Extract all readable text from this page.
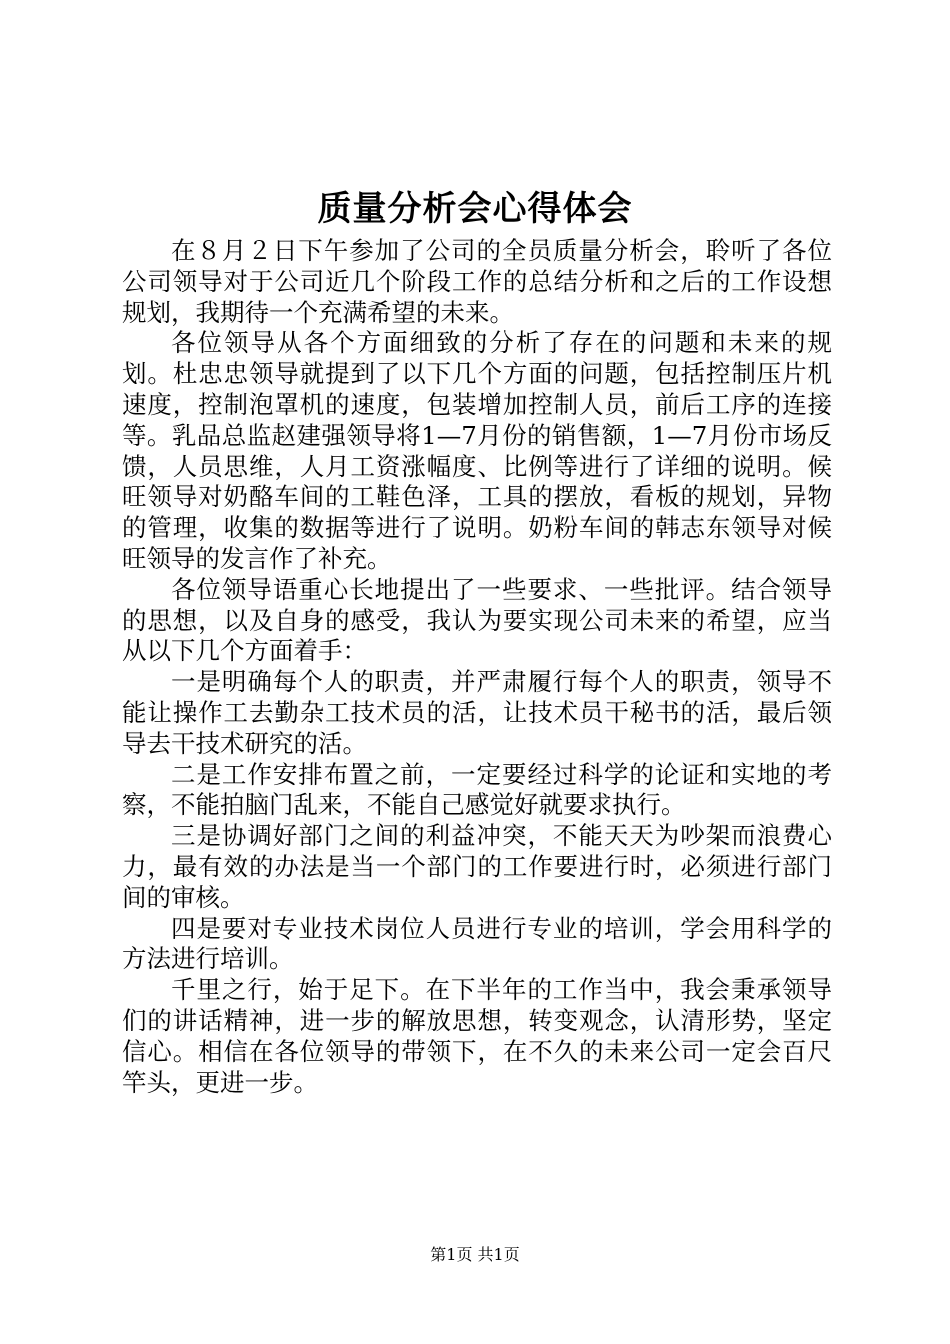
质量分析会心得体会

在８月２日下午参加了公司的全员质量分析会，聆听了各位公司领导对于公司近几个阶段工作的总结分析和之后的工作设想规划，我期待一个充满希望的未来。

各位领导从各个方面细致的分析了存在的问题和未来的规划。杜忠忠领导就提到了以下几个方面的问题，包括控制压片机速度，控制泡罩机的速度，包装增加控制人员，前后工序的连接等。乳品总监赵建强领导将1—7月份的销售额，1—7月份市场反馈，人员思维，人月工资涨幅度、比例等进行了详细的说明。候旺领导对奶酪车间的工鞋色泽，工具的摆放，看板的规划，异物的管理，收集的数据等进行了说明。奶粉车间的韩志东领导对候旺领导的发言作了补充。

各位领导语重心长地提出了一些要求、一些批评。结合领导的思想，以及自身的感受，我认为要实现公司未来的希望，应当从以下几个方面着手：

一是明确每个人的职责，并严肃履行每个人的职责，领导不能让操作工去勤杂工技术员的活，让技术员干秘书的活，最后领导去干技术研究的活。

二是工作安排布置之前，一定要经过科学的论证和实地的考察，不能拍脑门乱来，不能自己感觉好就要求执行。

三是协调好部门之间的利益冲突，不能天天为吵架而浪费心力，最有效的办法是当一个部门的工作要进行时，必须进行部门间的审核。

四是要对专业技术岗位人员进行专业的培训，学会用科学的方法进行培训。

千里之行，始于足下。在下半年的工作当中，我会秉承领导们的讲话精神，进一步的解放思想，转变观念，认清形势，坚定信心。相信在各位领导的带领下，在不久的未来公司一定会百尺竿头，更进一步。

第1页 共1页
